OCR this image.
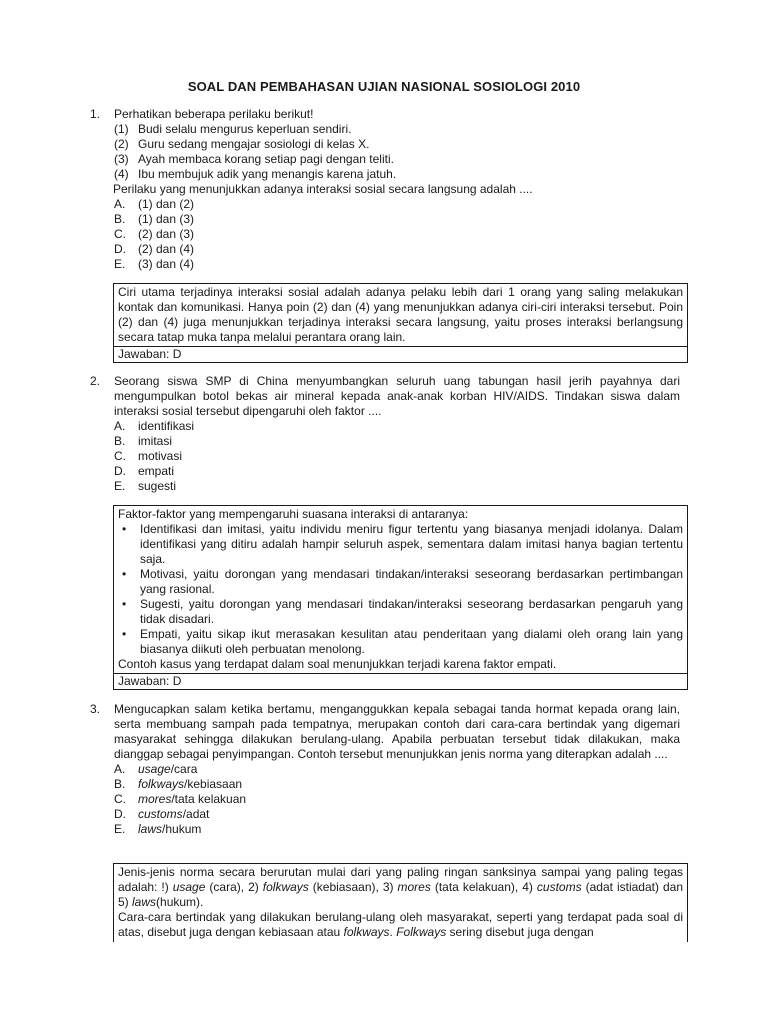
SOAL DAN PEMBAHASAN UJIAN NASIONAL SOSIOLOGI 2010
1.	Perhatikan beberapa perilaku berikut!
(1) Budi selalu mengurus keperluan sendiri.
(2) Guru sedang mengajar sosiologi di kelas X.
(3) Ayah membaca korang setiap pagi dengan teliti.
(4) Ibu membujuk adik yang menangis karena jatuh.
Perilaku yang menunjukkan adanya interaksi sosial secara langsung adalah ....
A.	(1) dan (2)
B.	(1) dan (3)
C.	(2) dan (3)
D.	(2) dan (4)
E.	(3) dan (4)
Ciri utama terjadinya interaksi sosial adalah adanya pelaku lebih dari 1 orang yang saling melakukan kontak dan komunikasi. Hanya poin (2) dan (4) yang menunjukkan adanya ciri-ciri interaksi tersebut. Poin (2) dan (4) juga menunjukkan terjadinya interaksi secara langsung, yaitu proses interaksi berlangsung secara tatap muka tanpa melalui perantara orang lain.
Jawaban: D
2.	Seorang siswa SMP di China menyumbangkan seluruh uang tabungan hasil jerih payahnya dari mengumpulkan botol bekas air mineral kepada anak-anak korban HIV/AIDS. Tindakan siswa dalam interaksi sosial tersebut dipengaruhi oleh faktor ....
A.	identifikasi
B.	imitasi
C.	motivasi
D.	empati
E.	sugesti
Faktor-faktor yang mempengaruhi suasana interaksi di antaranya:
•	Identifikasi dan imitasi, yaitu individu meniru figur tertentu yang biasanya menjadi idolanya. Dalam identifikasi yang ditiru adalah hampir seluruh aspek, sementara dalam imitasi hanya bagian tertentu saja.
•	Motivasi, yaitu dorongan yang mendasari tindakan/interaksi seseorang berdasarkan pertimbangan yang rasional.
•	Sugesti, yaitu dorongan yang mendasari tindakan/interaksi seseorang berdasarkan pengaruh yang tidak disadari.
•	Empati, yaitu sikap ikut merasakan kesulitan atau penderitaan yang dialami oleh orang lain yang biasanya diikuti oleh perbuatan menolong.
Contoh kasus yang terdapat dalam soal menunjukkan terjadi karena faktor empati.
Jawaban: D
3.	Mengucapkan salam ketika bertamu, menganggukkan kepala sebagai tanda hormat kepada orang lain, serta membuang sampah pada tempatnya, merupakan contoh dari cara-cara bertindak yang digemari masyarakat sehingga dilakukan berulang-ulang. Apabila perbuatan tersebut tidak dilakukan, maka dianggap sebagai penyimpangan. Contoh tersebut menunjukkan jenis norma yang diterapkan adalah ....
A.	usage/cara
B.	folkways/kebiasaan
C.	mores/tata kelakuan
D.	customs/adat
E.	laws/hukum
Jenis-jenis norma secara berurutan mulai dari yang paling ringan sanksinya sampai yang paling tegas adalah: !) usage (cara), 2) folkways (kebiasaan), 3) mores (tata kelakuan), 4) customs (adat istiadat) dan 5) laws(hukum).
Cara-cara bertindak yang dilakukan berulang-ulang oleh masyarakat, seperti yang terdapat pada soal di atas, disebut juga dengan kebiasaan atau folkways. Folkways sering disebut juga dengan
